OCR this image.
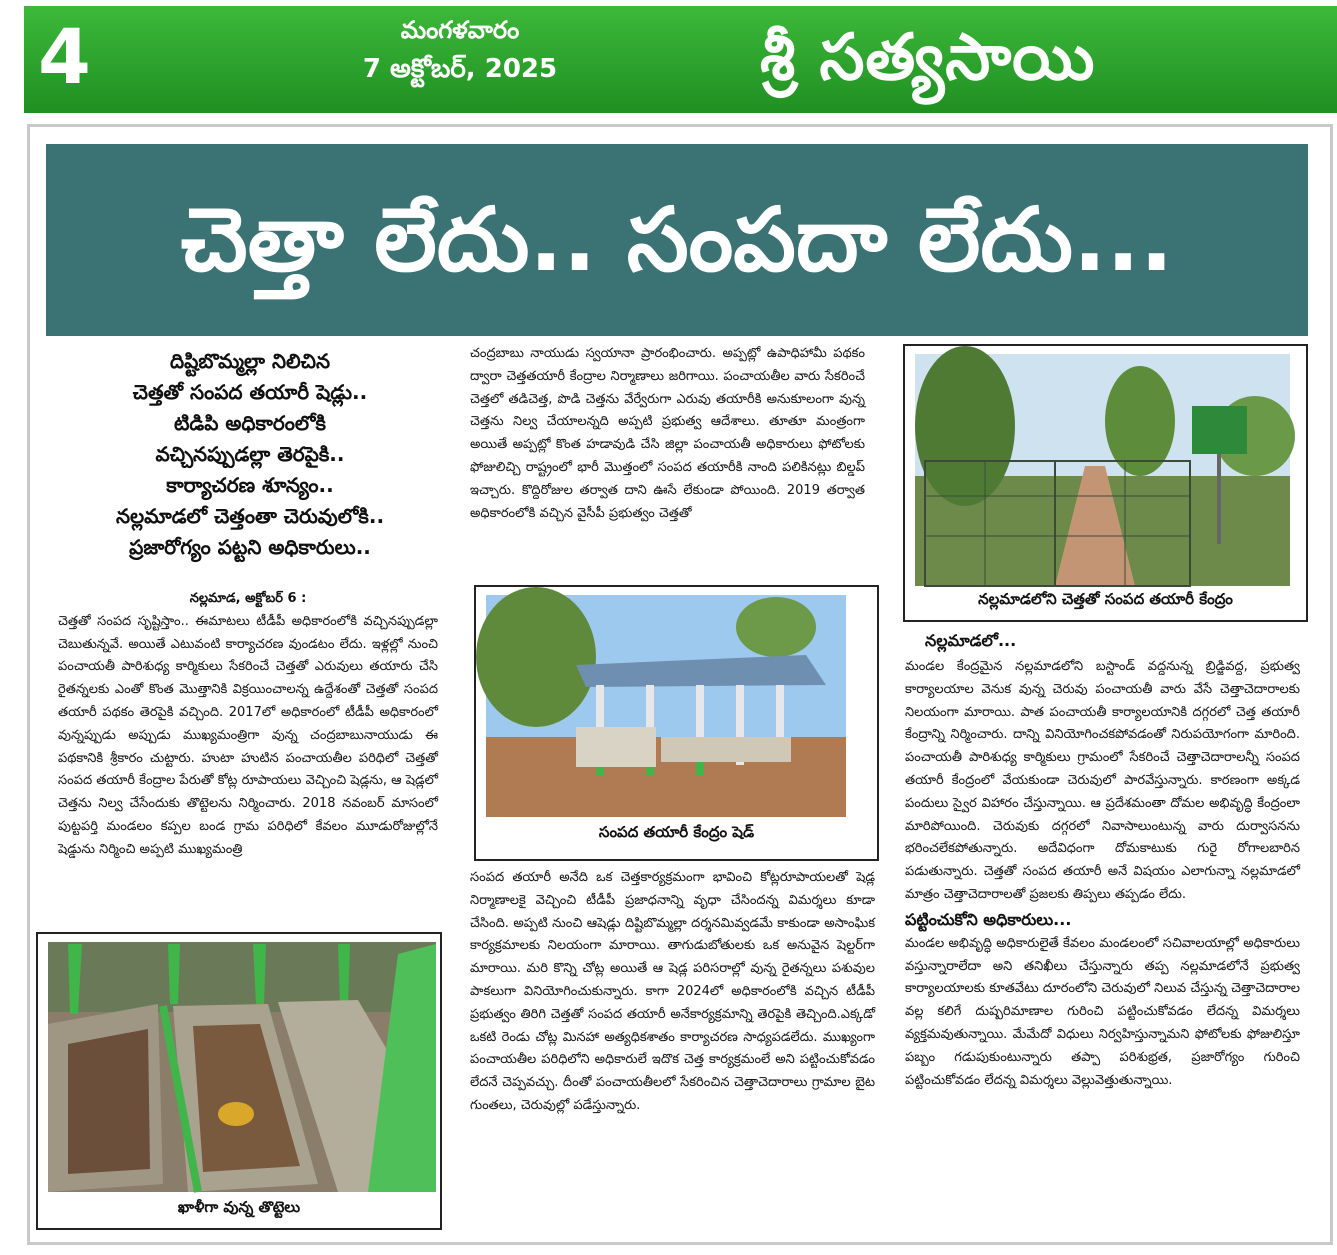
4	మంగళవారం
7 అక్టోబర్, 2025	శ్రీ సత్యసాయి
చెత్తా లేదు.. సంపదా లేదు...
దిష్టిబొమ్మల్లా నిలిచిన
చెత్తతో సంపద తయారీ షెడ్లు..
టిడిపి అధికారంలోకి
వచ్చినప్పుడల్లా తెరపైకి..
కార్యాచరణ శూన్యం..
నల్లమాడలో చెత్తంతా చెరువులోకి..
ప్రజారోగ్యం పట్టని అధికారులు..
నల్లమాడ, అక్టోబర్ 6 :
చెత్తతో సంపద సృష్టిస్తాం.. ఈమాటలు టీడీపీ అధికారంలోకి వచ్చినప్పుడల్లా చెబుతున్నవే. అయితే ఎటువంటి కార్యాచరణ వుండటం లేదు. ఇళ్లల్లో నుంచి పంచాయతీ పారిశుధ్య కార్మికులు సేకరించే చెత్తతో ఎరువులు తయారు చేసి రైతన్నలకు ఎంతో కొంత మొత్తానికి విక్రయించాలన్న ఉద్దేశంతో చెత్తతో సంపద తయారీ పథకం తెరపైకి వచ్చింది. 2017లో అధికారంలో టీడీపీ అధికారంలో వున్నప్పుడు అప్పుడు ముఖ్యమంత్రిగా వున్న చంద్రబాబునాయుడు ఈ పథకానికి శ్రీకారం చుట్టారు. హుటా హుటిన పంచాయతీల పరిధిలో చెత్తతో సంపద తయారీ కేంద్రాల పేరుతో కోట్ల రూపాయలు వెచ్చించి షెడ్లను, ఆ షెడ్లలో చెత్తను నిల్వ చేసేందుకు తొట్టెలను నిర్మించారు. 2018 నవంబర్ మాసంలో పుట్టపర్తి మండలం కప్పల బండ గ్రామ పరిధిలో కేవలం మూడురోజుల్లోనే షెడ్డును నిర్మించి అప్పటి ముఖ్యమంత్రి
ఖాళీగా వున్న తొట్టెలు
చంద్రబాబు నాయుడు స్వయానా ప్రారంభించారు. అప్పట్లో ఉపాధిహామీ పథకం ద్వారా చెత్తతయారీ కేంద్రాల నిర్మాణాలు జరిగాయి. పంచాయతీల వారు సేకరించే చెత్తలో తడిచెత్త, పొడి చెత్తను వేర్వేరుగా ఎరువు తయారీకి అనుకూలంగా వున్న చెత్తను నిల్వ చేయాలన్నది అప్పటి ప్రభుత్వ ఆదేశాలు. తూతూ మంత్రంగా అయితే అప్పట్లో కొంత హడావుడి చేసి జిల్లా పంచాయతీ అధికారులు ఫోటోలకు ఫోజులిచ్చి రాష్ట్రంలో భారీ మొత్తంలో సంపద తయారీకి నాంది పలికినట్లు బిల్డప్ ఇచ్చారు. కొద్దిరోజుల తర్వాత దాని ఊసే లేకుండా పోయింది. 2019 తర్వాత అధికారంలోకి వచ్చిన వైసీపీ ప్రభుత్వం చెత్తతో
సంపద తయారీ కేంద్రం షెడ్
సంపద తయారీ అనేది ఒక చెత్తకార్యక్రమంగా భావించి కోట్లరూపాయలతో షెడ్ల నిర్మాణాలకై వెచ్చించి టీడీపీ ప్రజాధనాన్ని వృధా చేసిందన్న విమర్శలు కూడా చేసింది. అప్పటి నుంచి ఆషెడ్లు దిష్టిబొమ్మల్లా దర్శనమివ్వడమే కాకుండా అసాంఘిక కార్యక్రమాలకు నిలయంగా మారాయి. తాగుడుబోతులకు ఒక అనువైన షెల్టర్‌గా మారాయి. మరి కొన్ని చోట్ల అయితే ఆ షెడ్ల పరిసరాల్లో వున్న రైతన్నలు పశువుల పాకలుగా వినియోగించుకున్నారు. కాగా 2024లో అధికారంలోకి వచ్చిన టీడీపీ ప్రభుత్వం తిరిగి చెత్తతో సంపద తయారీ అనేకార్యక్రమాన్ని తెరపైకి తెచ్చింది.ఎక్కడో ఒకటి రెండు చోట్ల మినహా అత్యధికశాతం కార్యాచరణ సాధ్యపడలేదు. ముఖ్యంగా పంచాయతీల పరిధిలోని అధికారులే ఇదొక చెత్త కార్యక్రమంలే అని పట్టించుకోవడం లేదనే చెప్పవచ్చు. దీంతో పంచాయతీలలో సేకరించిన చెత్తాచెదారాలు గ్రామాల బైట గుంతలు, చెరువుల్లో పడేస్తున్నారు.
నల్లమాడలోని చెత్తతో సంపద తయారీ కేంద్రం
నల్లమాడలో...
మండల కేంద్రమైన నల్లమాడలోని బస్టాండ్ వద్దనున్న బ్రిడ్జివద్ద, ప్రభుత్వ కార్యాలయాల వెనుక వున్న చెరువు పంచాయతీ వారు వేసే చెత్తాచెదారాలకు నిలయంగా మారాయి. పాత పంచాయతీ కార్యాలయానికి దగ్గరలో చెత్త తయారీ కేంద్రాన్ని నిర్మించారు. దాన్ని వినియోగించకపోవడంతో నిరుపయోగంగా మారింది. పంచాయతీ పారిశుధ్య కార్మికులు గ్రామంలో సేకరించే చెత్తాచెదారాలన్నీ సంపద తయారీ కేంద్రంలో వేయకుండా చెరువులో పారవేస్తున్నారు. కారణంగా అక్కడ పందులు స్వైర విహారం చేస్తున్నాయి. ఆ ప్రదేశమంతా దోమల అభివృద్ధి కేంద్రంలా మారిపోయింది. చెరువుకు దగ్గరలో నివాసాలుంటున్న వారు దుర్వాసనను భరించలేకపోతున్నారు. అదేవిధంగా దోమకాటుకు గురై రోగాలబారిన పడుతున్నారు. చెత్తతో సంపద తయారీ అనే విషయం ఎలాగున్నా నల్లమాడలో మాత్రం చెత్తాచెదారాలతో ప్రజలకు తిప్పలు తప్పడం లేదు.
పట్టించుకోని అధికారులు...
మండల అభివృద్ధి అధికారులైతే కేవలం మండలంలో సచివాలయాల్లో అధికారులు వస్తున్నారాలేదా అని తనిఖీలు చేస్తున్నారు తప్ప నల్లమాడలోనే ప్రభుత్వ కార్యాలయాలకు కూతవేటు దూరంలోని చెరువులో నిలువ చేస్తున్న చెత్తాచెదారాల వల్ల కలిగే దుష్పరిమాణాల గురించి పట్టించుకోవడం లేదన్న విమర్శలు వ్యక్తమవుతున్నాయి. మేమేదో విధులు నిర్వహిస్తున్నామని ఫోటోలకు ఫోజులిస్తూ పబ్బం గడుపుకుంటున్నారు తప్పా పరిశుభ్రత, ప్రజారోగ్యం గురించి పట్టించుకోవడం లేదన్న విమర్శలు వెల్లువెత్తుతున్నాయి.
